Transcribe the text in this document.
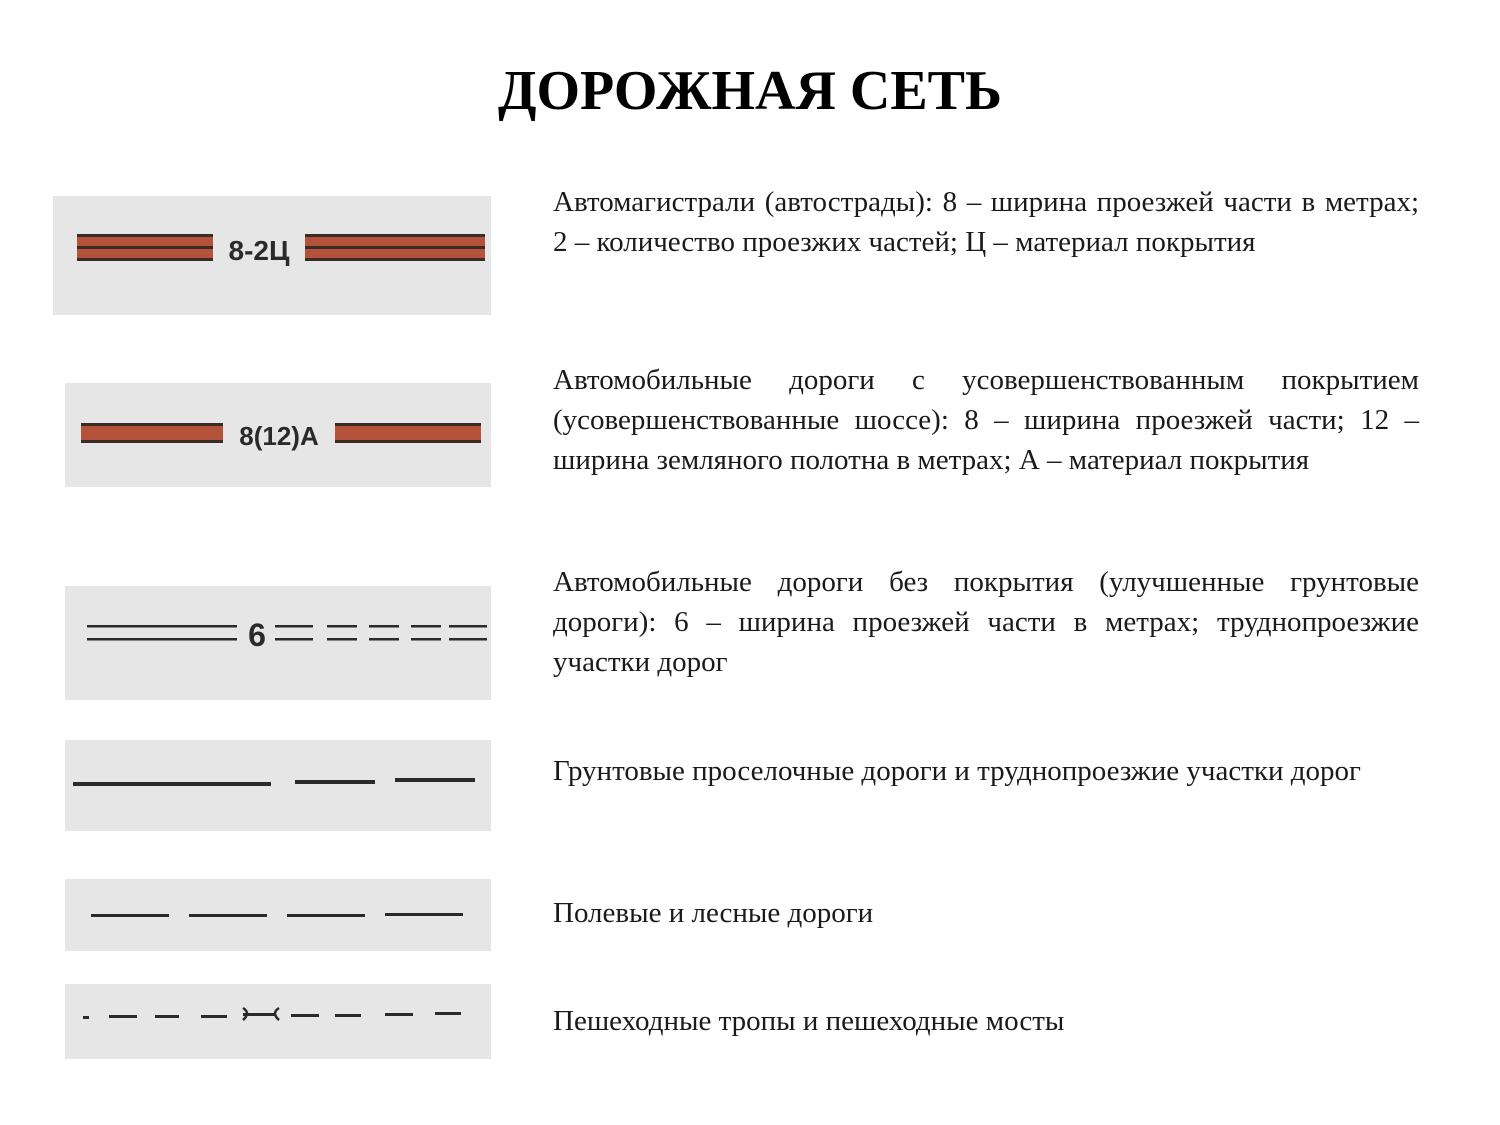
ДОРОЖНАЯ СЕТЬ
8-2Ц

Автомагистрали (автострады): 8 – ширина проезжей части в метрах; 2 – количество проезжих частей; Ц – материал покрытия

8(12)А

Автомобильные дороги с усовершенствованным покрытием (усовершенствованные шоссе): 8 – ширина проезжей части; 12 – ширина земляного полотна в метрах; А – материал покрытия

6

Автомобильные дороги без покрытия (улучшенные грунтовые дороги): 6 – ширина проезжей части в метрах; труднопроезжие участки дорог

Грунтовые проселочные дороги и труднопроезжие участки дорог

Полевые и лесные дороги

Пешеходные тропы и пешеходные мосты
